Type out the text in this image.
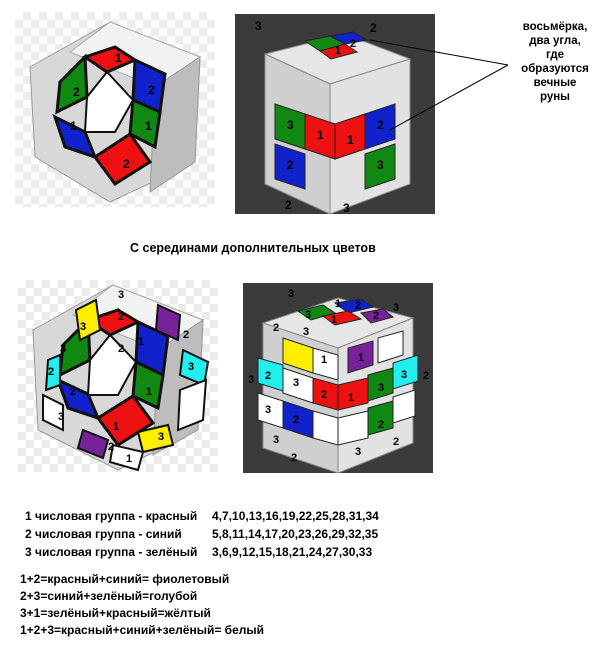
1
2
1
2
2
1
3	2
1
2
3
1 1
2
2	3
2	3
восьмёрка,
два угла,
где
образуются
вечные
руны
С серединами дополнительных цветов
3
2
3
3
2
2
1
2
1
3
1
2
2
3
3
1
3
1
3
2
1	2
3
2 3
2
3
1	1
3
2
3
2
3
1
2
3
2	3
2
3	2
1 числовая группа - красный 4,7,10,13,16,19,22,25,28,31,34
2 числовая группа - синий	5,8,11,14,17,20,23,26,29,32,35
3 числовая группа - зелёный 3,6,9,12,15,18,21,24,27,30,33
1+2=красный+синий= фиолетовый
2+3=синий+зелёный=голубой
3+1=зелёный+красный=жёлтый
1+2+3=красный+синий+зелёный= белый
